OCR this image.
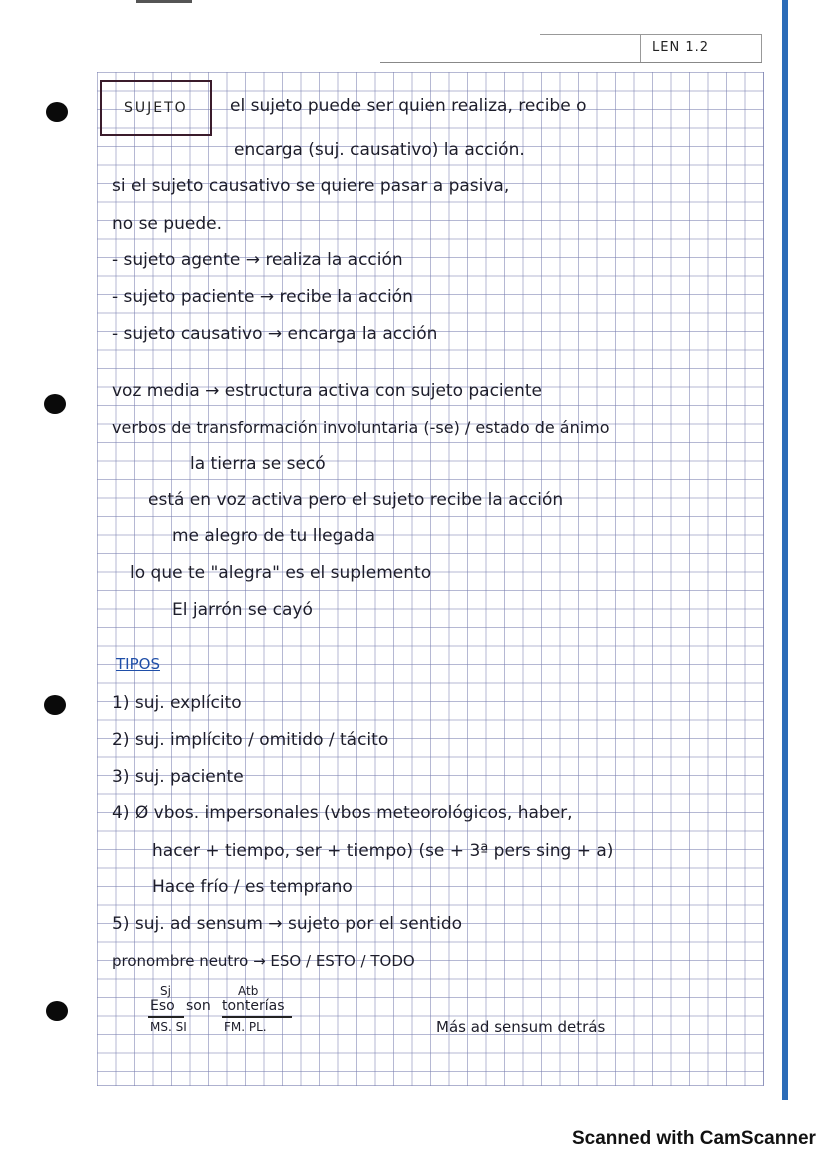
LEN 1.2
SUJETO el sujeto puede ser quien realiza, recibe o
encarga (suj. causativo) la acción.
si el sujeto causativo se quiere pasar a pasiva,
no se puede.
- sujeto agente → realiza la acción
- sujeto paciente → recibe la acción
- sujeto causativo → encarga la acción
voz media → estructura activa con sujeto paciente
verbos de transformación involuntaria (-se) / estado de ánimo
la tierra se secó
está en voz activa pero el sujeto recibe la acción
me alegro de tu llegada
lo que te "alegra" es el suplemento
El jarrón se cayó
TIPOS
1) suj. explícito
2) suj. implícito / omitido / tácito
3) suj. paciente
4) Ø vbos. impersonales (vbos meteorológicos, haber,
hacer + tiempo, ser + tiempo) (se + 3ª pers sing + a)
Hace frío / es temprano
5) suj. ad sensum → sujeto por el sentido
pronombre neutro → ESO / ESTO / TODO
Sj	Atb
Eso son tonterías
MS. SI	FM. PL.	Más ad sensum detrás
Scanned with CamScanner
